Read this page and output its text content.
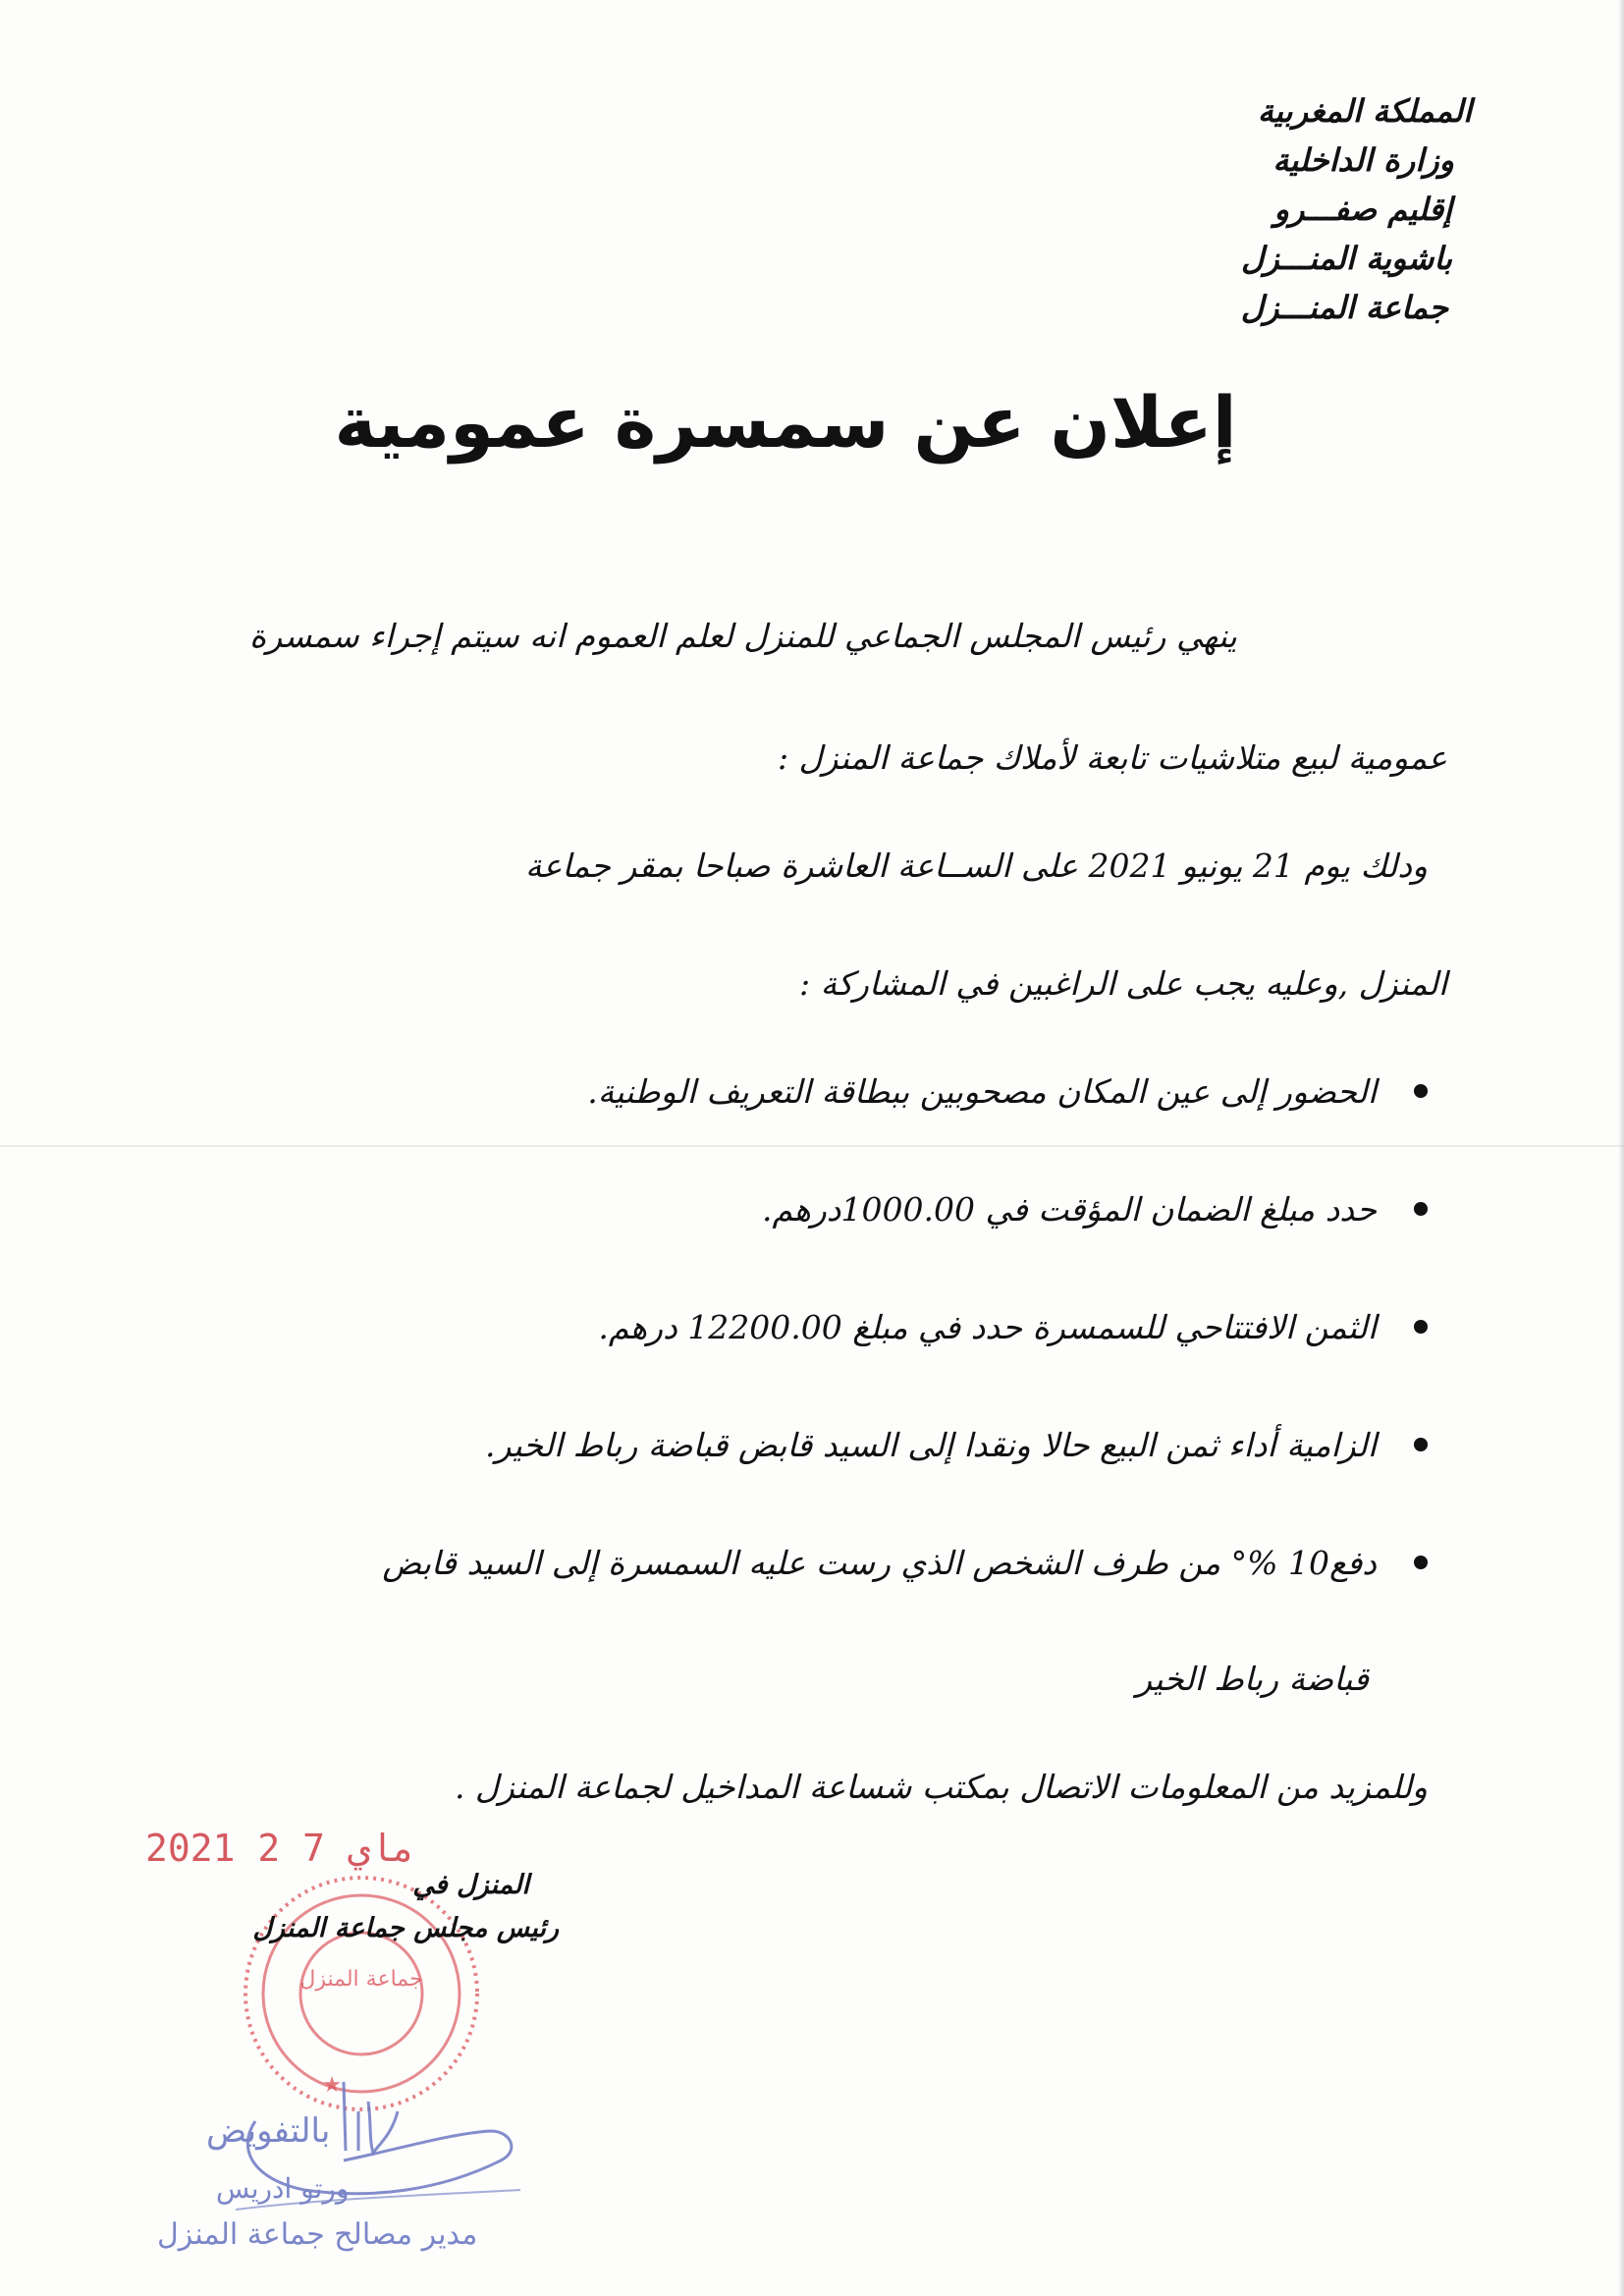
المملكة المغربية
وزارة الداخلية
إقليم صفـــرو
باشوية المنـــزل
جماعة المنـــزل
إعلان عن سمسرة عمومية
ينهي رئيس المجلس الجماعي للمنزل لعلم العموم انه سيتم إجراء سمسرة
عمومية لبيع متلاشيات تابعة لأملاك جماعة المنزل :
ودلك يوم 21 يونيو 2021 على الســاعة العاشرة صباحا بمقر جماعة
المنزل ,وعليه يجب على الراغبين في المشاركة :
الحضور إلى عين المكان مصحوبين ببطاقة التعريف الوطنية.
حدد مبلغ الضمان المؤقت في 1000.00درهم.
الثمن الافتتاحي للسمسرة حدد في مبلغ 12200.00 درهم.
الزامية أداء ثمن البيع حالا ونقدا إلى السيد قابض قباضة رباط الخير.
دفع10 %° من طرف الشخص الذي رست عليه السمسرة إلى السيد قابض
قباضة رباط الخير
وللمزيد من المعلومات الاتصال بمكتب شساعة المداخيل لجماعة المنزل .
2021 ماي 7 2
جماعة المنزل
★
المنزل في
رئيس مجلس جماعة المنزل
بالتفويض
ورتو ادريس
مدير مصالح جماعة المنزل
